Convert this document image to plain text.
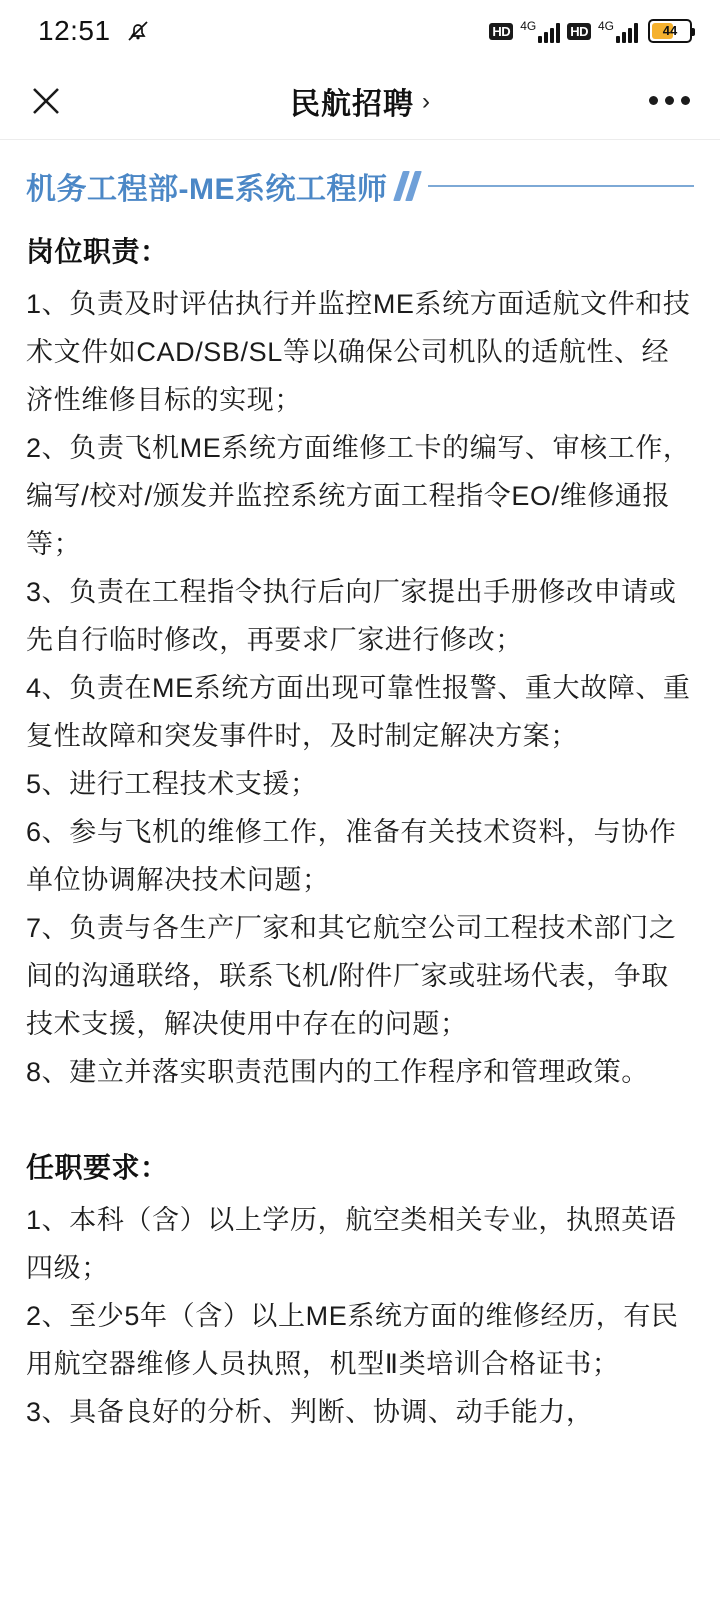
12:51	HD 4G	HD 4G	44
民航招聘 ›
机务工程部-ME系统工程师
岗位职责：

1、负责及时评估执行并监控ME系统方面适航文件和技术文件如CAD/SB/SL等以确保公司机队的适航性、经济性维修目标的实现；

2、负责飞机ME系统方面维修工卡的编写、审核工作，编写/校对/颁发并监控系统方面工程指令EO/维修通报等；

3、负责在工程指令执行后向厂家提出手册修改申请或先自行临时修改，再要求厂家进行修改；

4、负责在ME系统方面出现可靠性报警、重大故障、重复性故障和突发事件时，及时制定解决方案；

5、进行工程技术支援；

6、参与飞机的维修工作，准备有关技术资料，与协作单位协调解决技术问题；

7、负责与各生产厂家和其它航空公司工程技术部门之间的沟通联络，联系飞机/附件厂家或驻场代表，争取技术支援，解决使用中存在的问题；

8、建立并落实职责范围内的工作程序和管理政策。

任职要求：

1、本科（含）以上学历，航空类相关专业，执照英语四级；

2、至少5年（含）以上ME系统方面的维修经历，有民用航空器维修人员执照，机型Ⅱ类培训合格证书；

3、具备良好的分析、判断、协调、动手能力，
